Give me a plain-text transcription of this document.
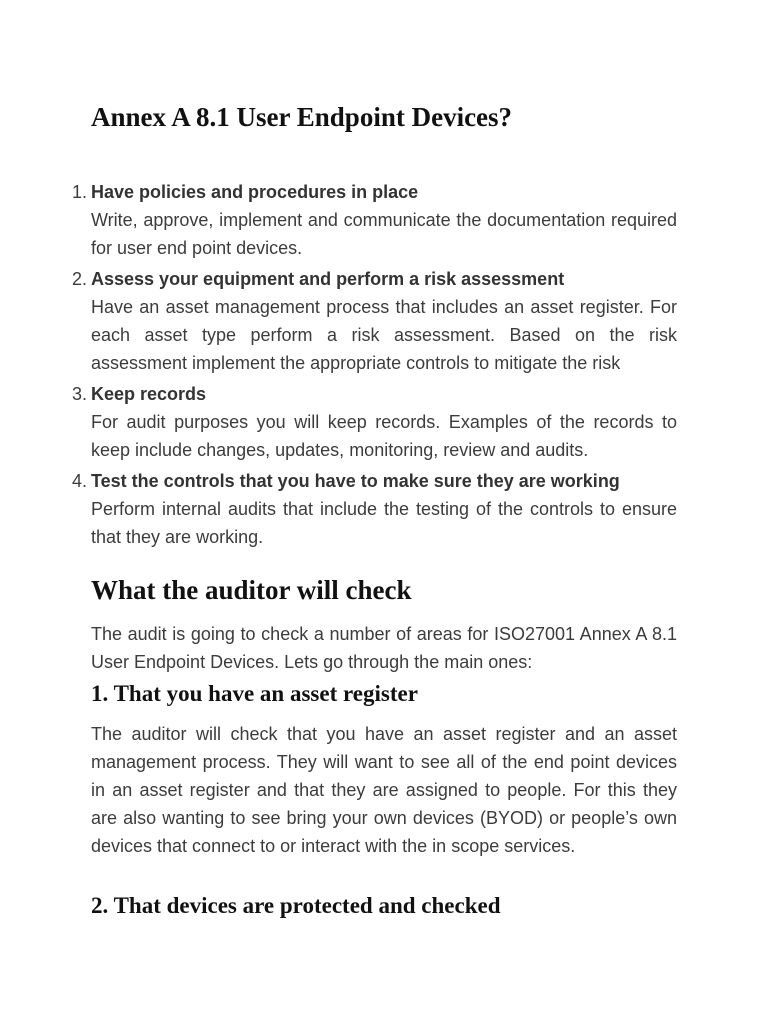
Annex A 8.1 User Endpoint Devices?
1. Have policies and procedures in place
Write, approve, implement and communicate the documentation required for user end point devices.
2. Assess your equipment and perform a risk assessment
Have an asset management process that includes an asset register. For each asset type perform a risk assessment. Based on the risk assessment implement the appropriate controls to mitigate the risk
3. Keep records
For audit purposes you will keep records. Examples of the records to keep include changes, updates, monitoring, review and audits.
4. Test the controls that you have to make sure they are working
Perform internal audits that include the testing of the controls to ensure that they are working.
What the auditor will check

The audit is going to check a number of areas for ISO27001 Annex A 8.1 User Endpoint Devices. Lets go through the main ones:

1. That you have an asset register

The auditor will check that you have an asset register and an asset management process. They will want to see all of the end point devices in an asset register and that they are assigned to people. For this they are also wanting to see bring your own devices (BYOD) or people’s own devices that connect to or interact with the in scope services.

2. That devices are protected and checked
